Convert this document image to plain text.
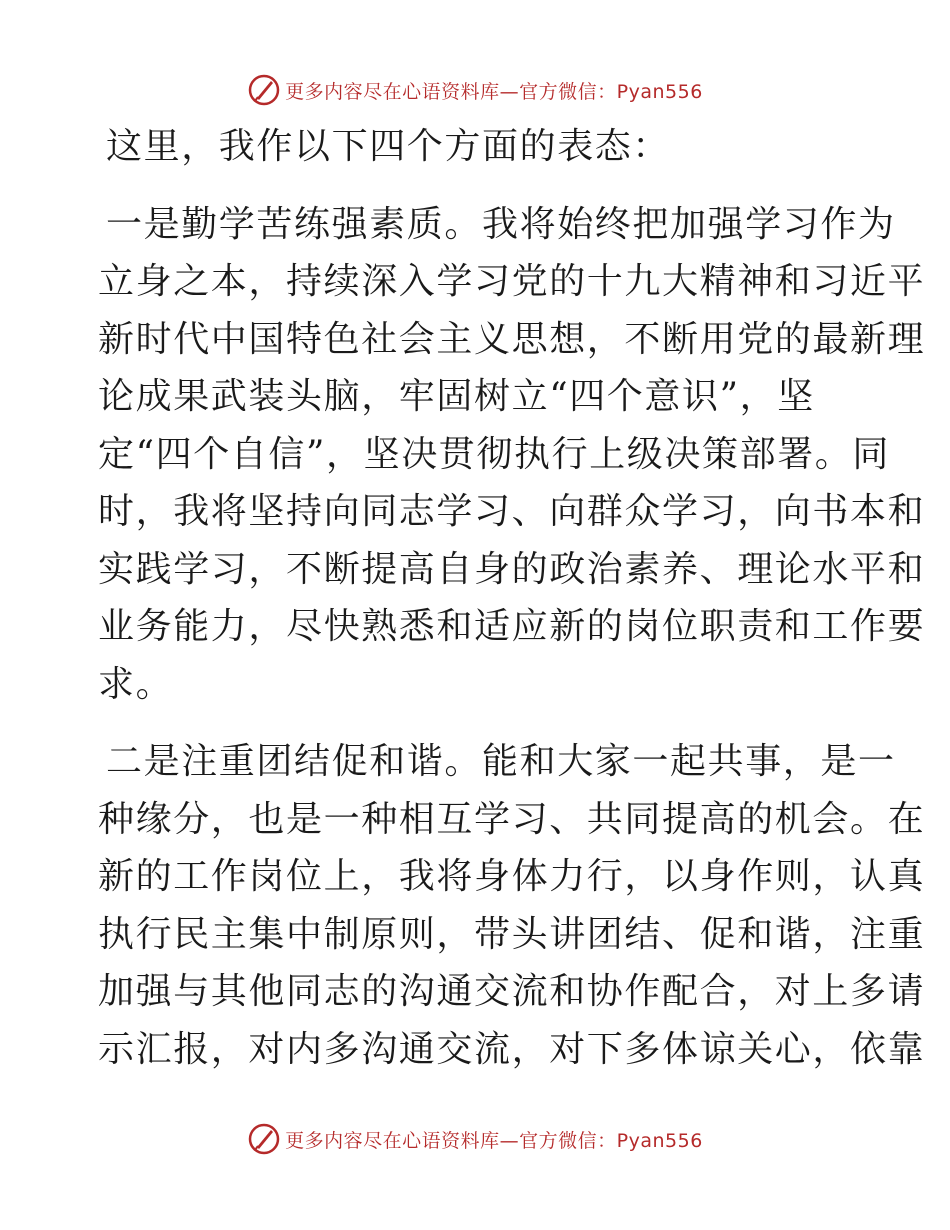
更多内容尽在心语资料库—官方微信：Pyan556
这里，我作以下四个方面的表态：
一是勤学苦练强素质。我将始终把加强学习作为
立身之本，持续深入学习党的十九大精神和习近平
新时代中国特色社会主义思想，不断用党的最新理
论成果武装头脑，牢固树立“四个意识”，坚
定“四个自信”，坚决贯彻执行上级决策部署。同
时，我将坚持向同志学习、向群众学习，向书本和
实践学习，不断提高自身的政治素养、理论水平和
业务能力，尽快熟悉和适应新的岗位职责和工作要
求。
二是注重团结促和谐。能和大家一起共事，是一
种缘分，也是一种相互学习、共同提高的机会。在
新的工作岗位上，我将身体力行，以身作则，认真
执行民主集中制原则，带头讲团结、促和谐，注重
加强与其他同志的沟通交流和协作配合，对上多请
示汇报，对内多沟通交流，对下多体谅关心，依靠
更多内容尽在心语资料库—官方微信：Pyan556
